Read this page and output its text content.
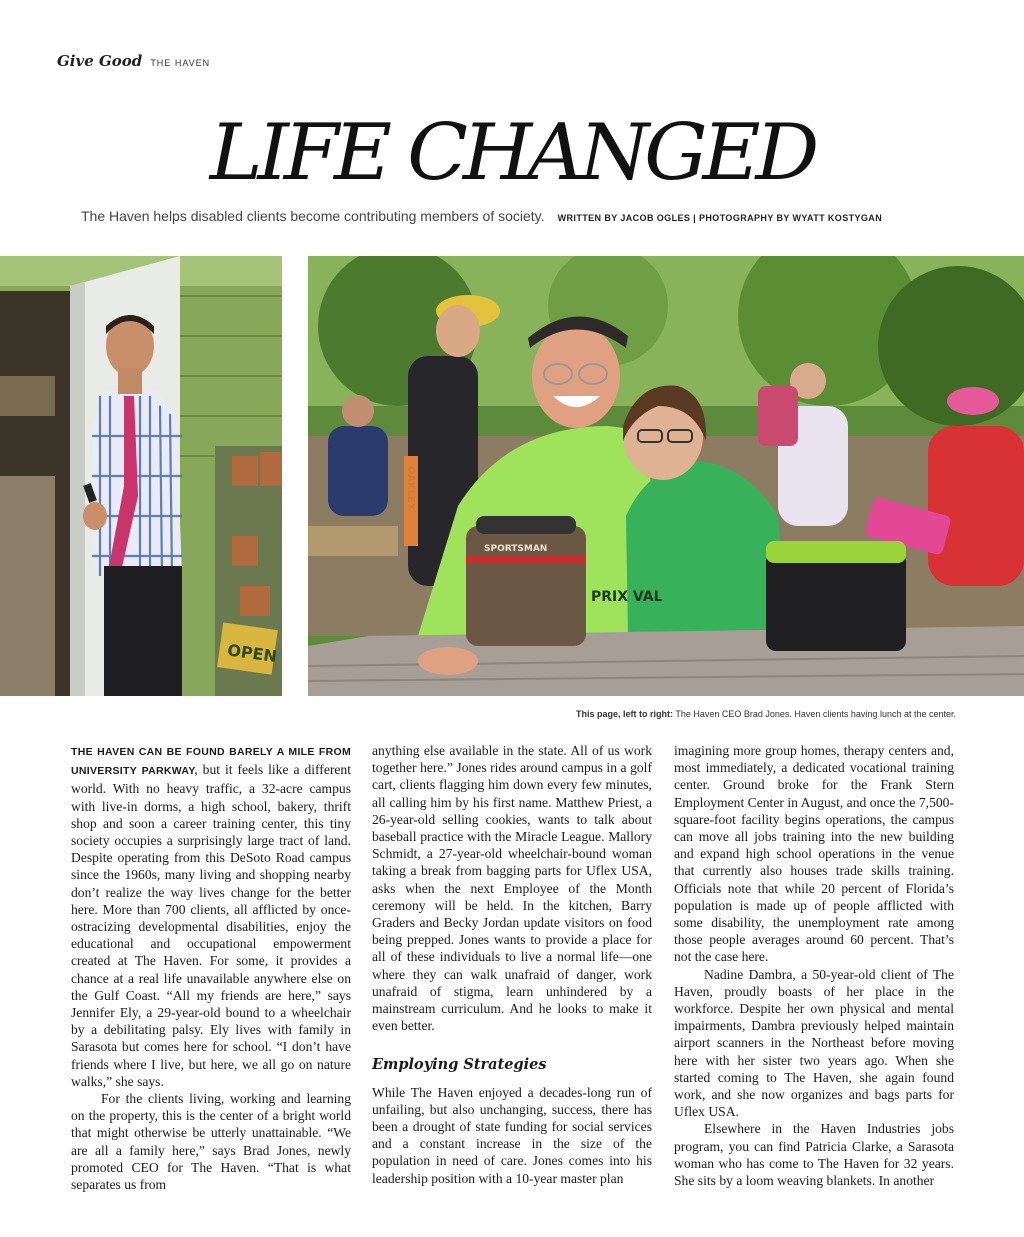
Give Good THE HAVEN
LIFE CHANGED
The Haven helps disabled clients become contributing members of society. WRITTEN BY JACOB OGLES | PHOTOGRAPHY BY WYATT KOSTYGAN
OPEN
OAKLEY
SPORTSMAN
PRIX VAL
This page, left to right: The Haven CEO Brad Jones. Haven clients having lunch at the center.

THE HAVEN CAN BE FOUND BARELY A MILE FROM UNIVERSITY PARKWAY, but it feels like a different world. With no heavy traffic, a 32-acre campus with live-in dorms, a high school, bakery, thrift shop and soon a career training center, this tiny society occupies a surprisingly large tract of land. Despite operating from this DeSoto Road campus since the 1960s, many living and shopping nearby don’t realize the way lives change for the better here. More than 700 clients, all afflicted by once-ostracizing developmental disabilities, enjoy the educational and occupational empowerment created at The Haven. For some, it provides a chance at a real life unavailable anywhere else on the Gulf Coast. “All my friends are here,” says Jennifer Ely, a 29-year-old bound to a wheelchair by a debilitating palsy. Ely lives with family in Sarasota but comes here for school. “I don’t have friends where I live, but here, we all go on nature walks,” she says.

For the clients living, working and learning on the property, this is the center of a bright world that might otherwise be utterly unattainable. “We are all a family here,” says Brad Jones, newly promoted CEO for The Haven. “That is what separates us from

anything else available in the state. All of us work together here.” Jones rides around campus in a golf cart, clients flagging him down every few minutes, all calling him by his first name. Matthew Priest, a 26-year-old selling cookies, wants to talk about baseball practice with the Miracle League. Mallory Schmidt, a 27-year-old wheelchair-bound woman taking a break from bagging parts for Uflex USA, asks when the next Employee of the Month ceremony will be held. In the kitchen, Barry Graders and Becky Jordan update visitors on food being prepped. Jones wants to provide a place for all of these individuals to live a normal life—one where they can walk unafraid of danger, work unafraid of stigma, learn unhindered by a mainstream curriculum. And he looks to make it even better.

Employing Strategies

While The Haven enjoyed a decades-long run of unfailing, but also unchanging, success, there has been a drought of state funding for social services and a constant increase in the size of the population in need of care. Jones comes into his leadership position with a 10-year master plan

imagining more group homes, therapy centers and, most immediately, a dedicated vocational training center. Ground broke for the Frank Stern Employment Center in August, and once the 7,500-square-foot facility begins operations, the campus can move all jobs training into the new building and expand high school operations in the venue that currently also houses trade skills training. Officials note that while 20 percent of Florida’s population is made up of people afflicted with some disability, the unemployment rate among those people averages around 60 percent. That’s not the case here.

Nadine Dambra, a 50-year-old client of The Haven, proudly boasts of her place in the workforce. Despite her own physical and mental impairments, Dambra previously helped maintain airport scanners in the Northeast before moving here with her sister two years ago. When she started coming to The Haven, she again found work, and she now organizes and bags parts for Uflex USA.

Elsewhere in the Haven Industries jobs program, you can find Patricia Clarke, a Sarasota woman who has come to The Haven for 32 years. She sits by a loom weaving blankets. In another
